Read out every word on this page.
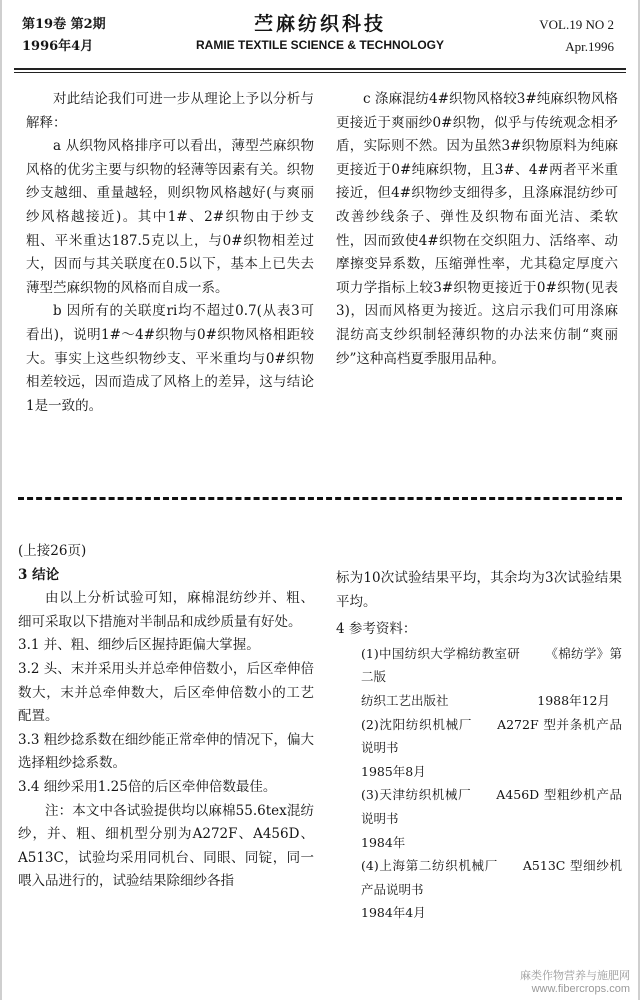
第19卷 第2期
1996年4月
苎麻纺织科技
RAMIE TEXTILE SCIENCE & TECHNOLOGY
VOL.19 NO 2
Apr.1996

对此结论我们可进一步从理论上予以分析与解释：

a 从织物风格排序可以看出，薄型苎麻织物风格的优劣主要与织物的轻薄等因素有关。织物纱支越细、重量越轻，则织物风格越好(与爽丽纱风格越接近)。其中1#、2#织物由于纱支粗、平米重达187.5克以上，与0#织物相差过大，因而与其关联度在0.5以下，基本上已失去薄型苎麻织物的风格而自成一系。

b 因所有的关联度ri均不超过0.7(从表3可看出)，说明1#～4#织物与0#织物风格相距较大。事实上这些织物纱支、平米重均与0#织物相差较远，因而造成了风格上的差异，这与结论1是一致的。

c 涤麻混纺4#织物风格较3#纯麻织物风格更接近于爽丽纱0#织物，似乎与传统观念相矛盾，实际则不然。因为虽然3#织物原料为纯麻更接近于0#纯麻织物，且3#、4#两者平米重接近，但4#织物纱支细得多，且涤麻混纺纱可改善纱线条子、弹性及织物布面光洁、柔软性，因而致使4#织物在交织阻力、活络率、动摩擦变异系数，压缩弹性率，尤其稳定厚度六项力学指标上较3#织物更接近于0#织物(见表3)，因而风格更为接近。这启示我们可用涤麻混纺高支纱织制轻薄织物的办法来仿制“爽丽纱”这种高档夏季服用品种。

(上接26页)

3 结论

由以上分析试验可知，麻棉混纺纱并、粗、细可采取以下措施对半制品和成纱质量有好处。

3.1 并、粗、细纱后区握持距偏大掌握。

3.2 头、末并采用头并总牵伸倍数小，后区牵伸倍数大，末并总牵伸数大，后区牵伸倍数小的工艺配置。

3.3 粗纱捻系数在细纱能正常牵伸的情况下，偏大选择粗纱捻系数。

3.4 细纱采用1.25倍的后区牵伸倍数最佳。

注：本文中各试验提供均以麻棉55.6tex混纺纱，并、粗、细机型分别为A272F、A456D、A513C，试验均采用同机台、同眼、同锭，同一喂入品进行的，试验结果除细纱各指

标为10次试验结果平均，其余均为3次试验结果平均。

4 参考资料：

(1)中国纺织大学棉纺教室研   《棉纺学》第二版

纺织工艺出版社	1988年12月

(2)沈阳纺织机械厂   A272F 型并条机产品说明书

1985年8月

(3)天津纺织机械厂   A456D 型粗纱机产品说明书

1984年

(4)上海第二纺织机械厂   A513C 型细纱机产品说明书

1984年4月

麻类作物营养与施肥网
www.fibercrops.com
